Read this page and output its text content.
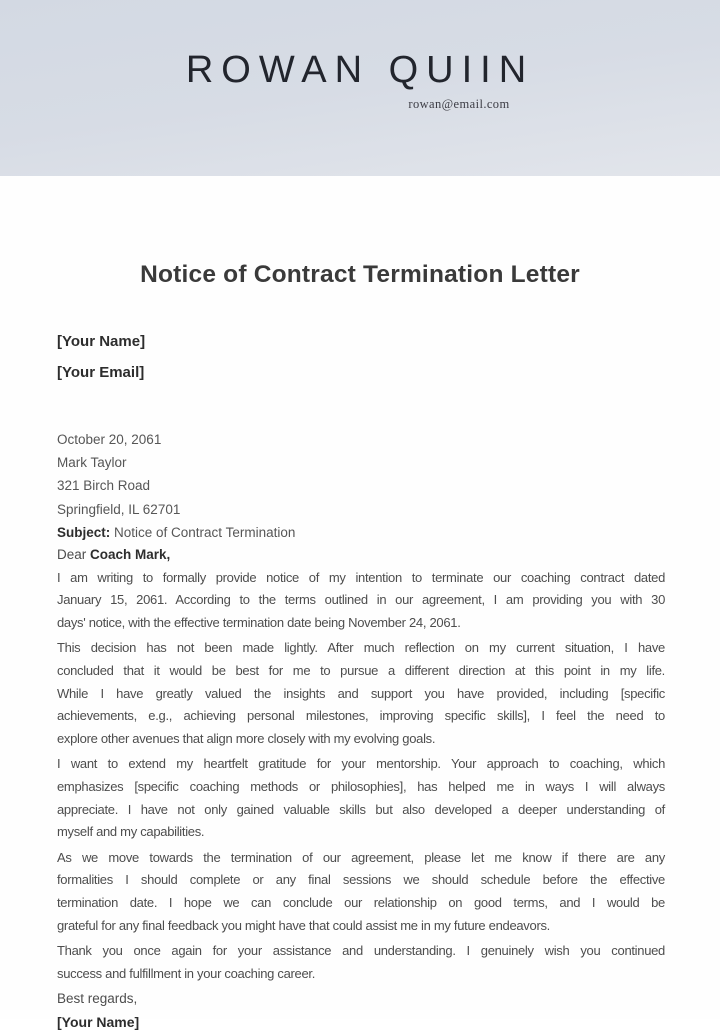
ROWAN QUIIN
rowan@email.com
Notice of Contract Termination Letter

[Your Name]

[Your Email]

October 20, 2061

Mark Taylor

321 Birch Road

Springfield, IL 62701

Subject: Notice of Contract Termination

Dear Coach Mark,

I am writing to formally provide notice of my intention to terminate our coaching contract dated
January 15, 2061. According to the terms outlined in our agreement, I am providing you with 30
days' notice, with the effective termination date being November 24, 2061.

This decision has not been made lightly. After much reflection on my current situation, I have
concluded that it would be best for me to pursue a different direction at this point in my life.
While I have greatly valued the insights and support you have provided, including [specific
achievements, e.g., achieving personal milestones, improving specific skills], I feel the need to
explore other avenues that align more closely with my evolving goals.

I want to extend my heartfelt gratitude for your mentorship. Your approach to coaching, which
emphasizes [specific coaching methods or philosophies], has helped me in ways I will always
appreciate. I have not only gained valuable skills but also developed a deeper understanding of
myself and my capabilities.

As we move towards the termination of our agreement, please let me know if there are any
formalities I should complete or any final sessions we should schedule before the effective
termination date. I hope we can conclude our relationship on good terms, and I would be
grateful for any final feedback you might have that could assist me in my future endeavors.

Thank you once again for your assistance and understanding. I genuinely wish you continued
success and fulfillment in your coaching career.

Best regards,

[Your Name]
